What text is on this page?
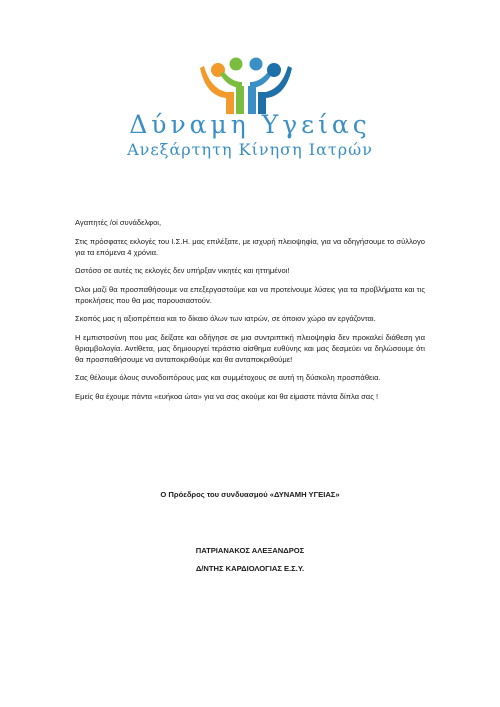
Δύναμη Υγείας
Ανεξάρτητη Κίνηση Ιατρών

Αγαπητές /οί συνάδελφοι,

Στις πρόσφατες εκλογές του Ι.Σ.Η. μας επιλέξατε, με ισχυρή πλειοψηφία, για να οδηγήσουμε το σύλλογο για τα επόμενα 4 χρόνια.

Ωστόσο σε αυτές τις εκλογές δεν υπήρξαν νικητές και ηττημένοι!

Όλοι μαζί θα προσπαθήσουμε να επεξεργαστούμε και να προτείνουμε λύσεις για τα προβλήματα και τις προκλήσεις που θα μας παρουσιαστούν.

Σκοπός μας η αξιοπρέπεια και το δίκαιο όλων των ιατρών, σε όποιον χώρο αν εργάζονται.

Η εμπιστοσύνη που μας δείξατε και οδήγησε σε μια συντριπτική πλειοψηφία δεν προκαλεί διάθεση για θριαμβολογία. Αντίθετα, μας δημιουργεί τεράστιο αίσθημα ευθύνης και μας δεσμεύει να δηλώσουμε ότι θα προσπαθήσουμε να ανταποκριθούμε και θα ανταποκριθούμε!

Σας θέλουμε όλους συνοδοιπόρους μας και συμμέτοχους σε αυτή τη δύσκολη προσπάθεια.

Εμείς θα έχουμε πάντα «ευήκοα ώτα» για να σας ακούμε και θα είμαστε πάντα δίπλα σας !

Ο Πρόεδρος του συνδυασμού «ΔΥΝΑΜΗ ΥΓΕΙΑΣ»
ΠΑΤΡΙΑΝΑΚΟΣ ΑΛΕΞΑΝΔΡΟΣ
Δ/ΝΤΗΣ ΚΑΡΔΙΟΛΟΓΙΑΣ Ε.Σ.Υ.
